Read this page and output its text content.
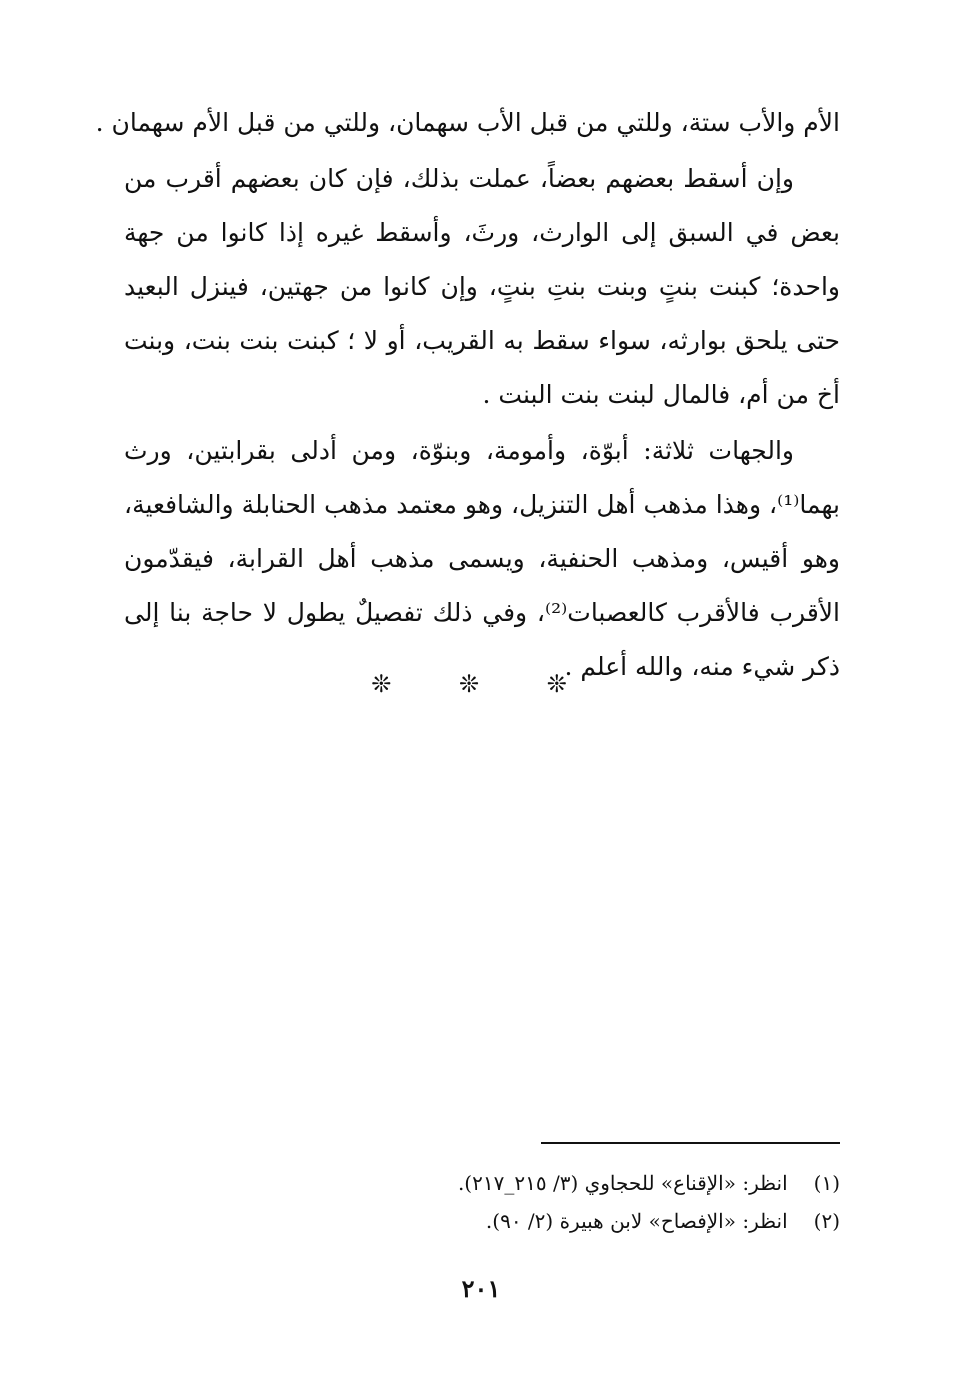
الأم والأب ستة، وللتي من قبل الأب سهمان، وللتي من قبل الأم سهمان .
وإن أسقط بعضهم بعضاً، عملت بذلك، فإن كان بعضهم أقرب من
بعض في السبق إلى الوارث، ورثَ، وأسقط غيره إذا كانوا من جهة
واحدة؛ كبنت بنتٍ وبنت بنتِ بنتٍ، وإن كانوا من جهتين، فينزل البعيد
حتى يلحق بوارثه، سواء سقط به القريب، أو لا ؛ كبنت بنت بنت، وبنت
أخ من أم، فالمال لبنت بنت البنت .
والجهات ثلاثة: أبوّة، وأمومة، وبنوّة، ومن أدلى بقرابتين، ورث
بهما⁽¹⁾، وهذا مذهب أهل التنزيل، وهو معتمد مذهب الحنابلة والشافعية،
وهو أقيس، ومذهب الحنفية، ويسمى مذهب أهل القرابة، فيقدّمون
الأقرب فالأقرب كالعصبات⁽²⁾، وفي ذلك تفصيلٌ يطول لا حاجة بنا إلى
ذكر شيء منه، والله أعلم .
❊ ❊ ❊
(١) انظر: «الإقناع» للحجاوي (٣/ ٢١٥_٢١٧).
(٢) انظر: «الإفصاح» لابن هبيرة (٢/ ٩٠).
٢٠١
